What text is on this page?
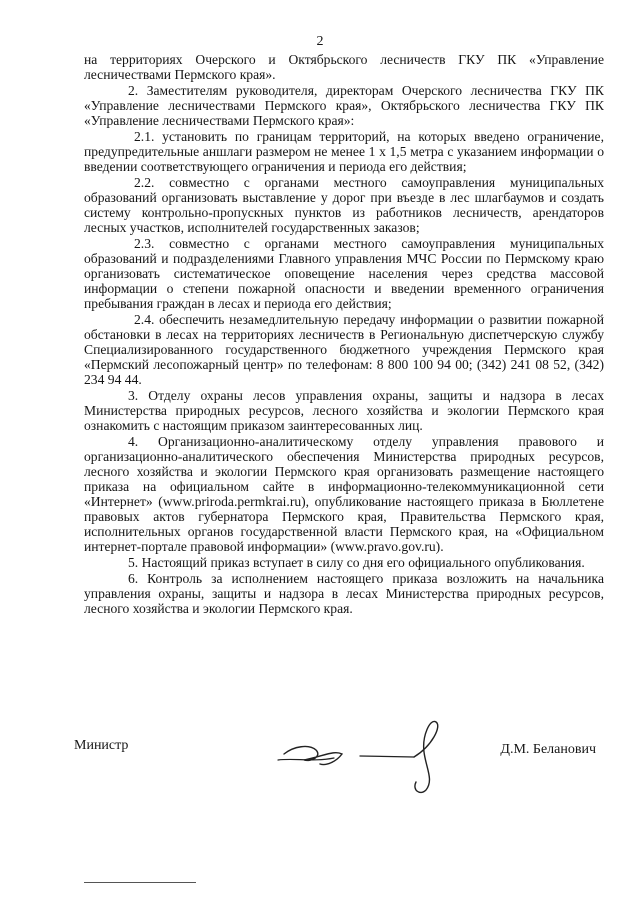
2

на территориях Очерского и Октябрьского лесничеств ГКУ ПК «Управление лесничествами Пермского края».

2. Заместителям руководителя, директорам Очерского лесничества ГКУ ПК «Управление лесничествами Пермского края», Октябрьского лесничества ГКУ ПК «Управление лесничествами Пермского края»:

2.1. установить по границам территорий, на которых введено ограничение, предупредительные аншлаги размером не менее 1 х 1,5 метра с указанием информации о введении соответствующего ограничения и периода его действия;

2.2. совместно с органами местного самоуправления муниципальных образований организовать выставление у дорог при въезде в лес шлагбаумов и создать систему контрольно-пропускных пунктов из работников лесничеств, арендаторов лесных участков, исполнителей государственных заказов;

2.3. совместно с органами местного самоуправления муниципальных образований и подразделениями Главного управления МЧС России по Пермскому краю организовать систематическое оповещение населения через средства массовой информации о степени пожарной опасности и введении временного ограничения пребывания граждан в лесах и периода его действия;

2.4. обеспечить незамедлительную передачу информации о развитии пожарной обстановки в лесах на территориях лесничеств в Региональную диспетчерскую службу Специализированного государственного бюджетного учреждения Пермского края «Пермский лесопожарный центр» по телефонам: 8 800 100 94 00; (342) 241 08 52, (342) 234 94 44.

3. Отделу охраны лесов управления охраны, защиты и надзора в лесах Министерства природных ресурсов, лесного хозяйства и экологии Пермского края ознакомить с настоящим приказом заинтересованных лиц.

4. Организационно-аналитическому отделу управления правового и организационно-аналитического обеспечения Министерства природных ресурсов, лесного хозяйства и экологии Пермского края организовать размещение настоящего приказа на официальном сайте в информационно-телекоммуникационной сети «Интернет» (www.priroda.permkrai.ru), опубликование настоящего приказа в Бюллетене правовых актов губернатора Пермского края, Правительства Пермского края, исполнительных органов государственной власти Пермского края, на «Официальном интернет-портале правовой информации» (www.pravo.gov.ru).

5. Настоящий приказ вступает в силу со дня его официального опубликования.

6. Контроль за исполнением настоящего приказа возложить на начальника управления охраны, защиты и надзора в лесах Министерства природных ресурсов, лесного хозяйства и экологии Пермского края.

Министр	Д.М. Беланович
